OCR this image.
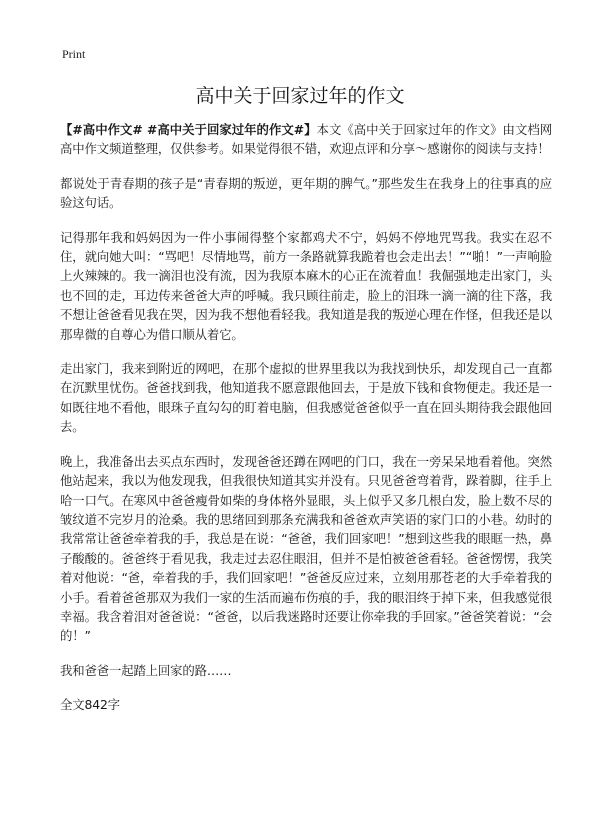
Print
高中关于回家过年的作文

【#高中作文# #高中关于回家过年的作文#】本文《高中关于回家过年的作文》由文档网高中作文频道整理，仅供参考。如果觉得很不错，欢迎点评和分享～感谢你的阅读与支持！

都说处于青春期的孩子是“青春期的叛逆，更年期的脾气。”那些发生在我身上的往事真的应验这句话。

记得那年我和妈妈因为一件小事闹得整个家都鸡犬不宁，妈妈不停地咒骂我。我实在忍不住，就向她大叫：“骂吧！尽情地骂，前方一条路就算我跪着也会走出去！”“啪！”一声响脸上火辣辣的。我一滴泪也没有流，因为我原本麻木的心正在流着血！我倔强地走出家门，头也不回的走，耳边传来爸爸大声的呼喊。我只顾往前走，脸上的泪珠一滴一滴的往下落，我不想让爸爸看见我在哭，因为我不想他看轻我。我知道是我的叛逆心理在作怪，但我还是以那卑微的自尊心为借口顺从着它。

走出家门，我来到附近的网吧，在那个虚拟的世界里我以为我找到快乐，却发现自己一直都在沉默里忧伤。爸爸找到我，他知道我不愿意跟他回去，于是放下钱和食物便走。我还是一如既往地不看他，眼珠子直勾勾的盯着电脑，但我感觉爸爸似乎一直在回头期待我会跟他回去。

晚上，我准备出去买点东西时，发现爸爸还蹲在网吧的门口，我在一旁呆呆地看着他。突然他站起来，我以为他发现我，但我很快知道其实并没有。只见爸爸弯着背，跺着脚，往手上哈一口气。在寒风中爸爸瘦骨如柴的身体格外显眼，头上似乎又多几根白发，脸上数不尽的皱纹道不完岁月的沧桑。我的思绪回到那条充满我和爸爸欢声笑语的家门口的小巷。幼时的我常常让爸爸牵着我的手，我总是在说：“爸爸，我们回家吧！”想到这些我的眼眶一热，鼻子酸酸的。爸爸终于看见我，我走过去忍住眼泪，但并不是怕被爸爸看轻。爸爸愣愣，我笑着对他说：“爸，牵着我的手，我们回家吧！”爸爸反应过来，立刻用那苍老的大手牵着我的小手。看着爸爸那双为我们一家的生活而遍布伤痕的手，我的眼泪终于掉下来，但我感觉很幸福。我含着泪对爸爸说：“爸爸，以后我迷路时还要让你牵我的手回家。”爸爸笑着说：“会的！”

我和爸爸一起踏上回家的路……

全文842字
